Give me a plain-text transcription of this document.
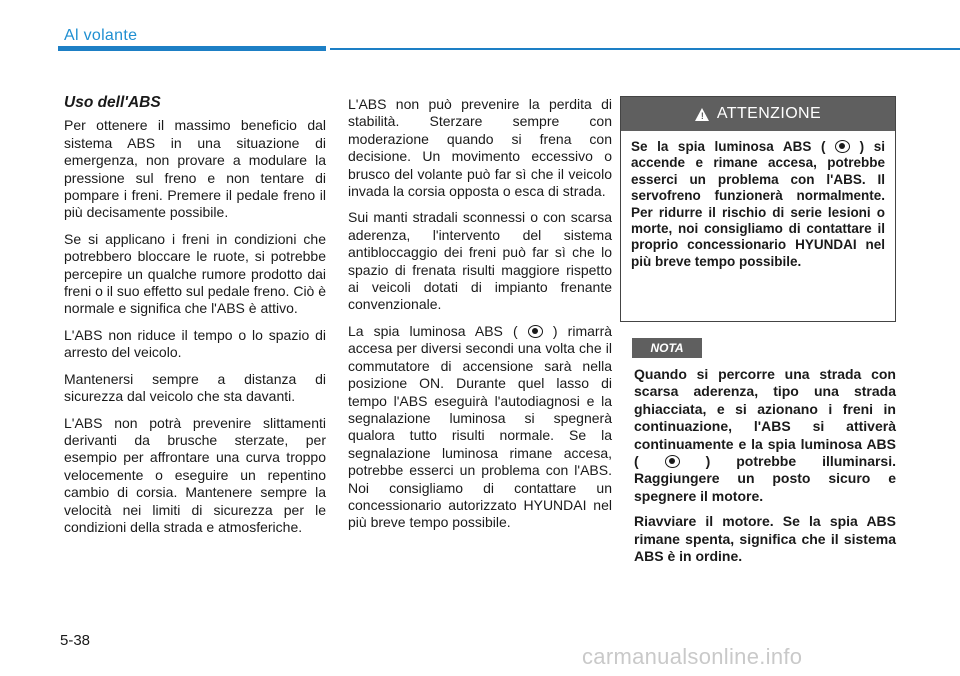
Al volante
Uso dell'ABS

Per ottenere il massimo beneficio dal sistema ABS in una situazione di emergenza, non provare a modulare la pressione sul freno e non tentare di pompare i freni. Premere il pedale freno il più decisamente possibile.

Se si applicano i freni in condizioni che potrebbero bloccare le ruote, si potrebbe percepire un qualche rumore prodotto dai freni o il suo effetto sul pedale freno. Ciò è normale e significa che l'ABS è attivo.

L'ABS non riduce il tempo o lo spazio di arresto del veicolo.

Mantenersi sempre a distanza di sicurezza dal veicolo che sta davanti.

L'ABS non potrà prevenire slittamenti derivanti da brusche sterzate, per esempio per affrontare una curva troppo velocemente o eseguire un repentino cambio di corsia. Mantenere sempre la velocità nei limiti di sicurezza per le condizioni della strada e atmosferiche.

L'ABS non può prevenire la perdita di stabilità. Sterzare sempre con moderazione quando si frena con decisione. Un movimento eccessivo o brusco del volante può far sì che il veicolo invada la corsia opposta o esca di strada.

Sui manti stradali sconnessi o con scarsa aderenza, l'intervento del sistema antibloccaggio dei freni può far sì che lo spazio di frenata risulti maggiore rispetto ai veicoli dotati di impianto frenante convenzionale.

La spia luminosa ABS (	) rimarrà accesa per diversi secondi una volta che il commutatore di accensione sarà nella posizione ON. Durante quel lasso di tempo l'ABS eseguirà l'autodiagnosi e la segnalazione luminosa si spegnerà qualora tutto risulti normale. Se la segnalazione luminosa rimane accesa, potrebbe esserci un problema con l'ABS. Noi consigliamo di contattare un concessionario autorizzato HYUNDAI nel più breve tempo possibile.

! ATTENZIONE
Se la spia luminosa ABS (	) si accende e rimane accesa, potrebbe esserci un problema con l'ABS. Il servofreno funzionerà normalmente. Per ridurre il rischio di serie lesioni o morte, noi consigliamo di contattare il proprio concessionario HYUNDAI nel più breve tempo possibile.
NOTA

Quando si percorre una strada con scarsa aderenza, tipo una strada ghiacciata, e si azionano i freni in continuazione, l'ABS si attiverà continuamente e la spia luminosa ABS (	) potrebbe illuminarsi. Raggiungere un posto sicuro e spegnere il motore.

Riavviare il motore. Se la spia ABS rimane spenta, significa che il sistema ABS è in ordine.

5-38
carmanualsonline.info
